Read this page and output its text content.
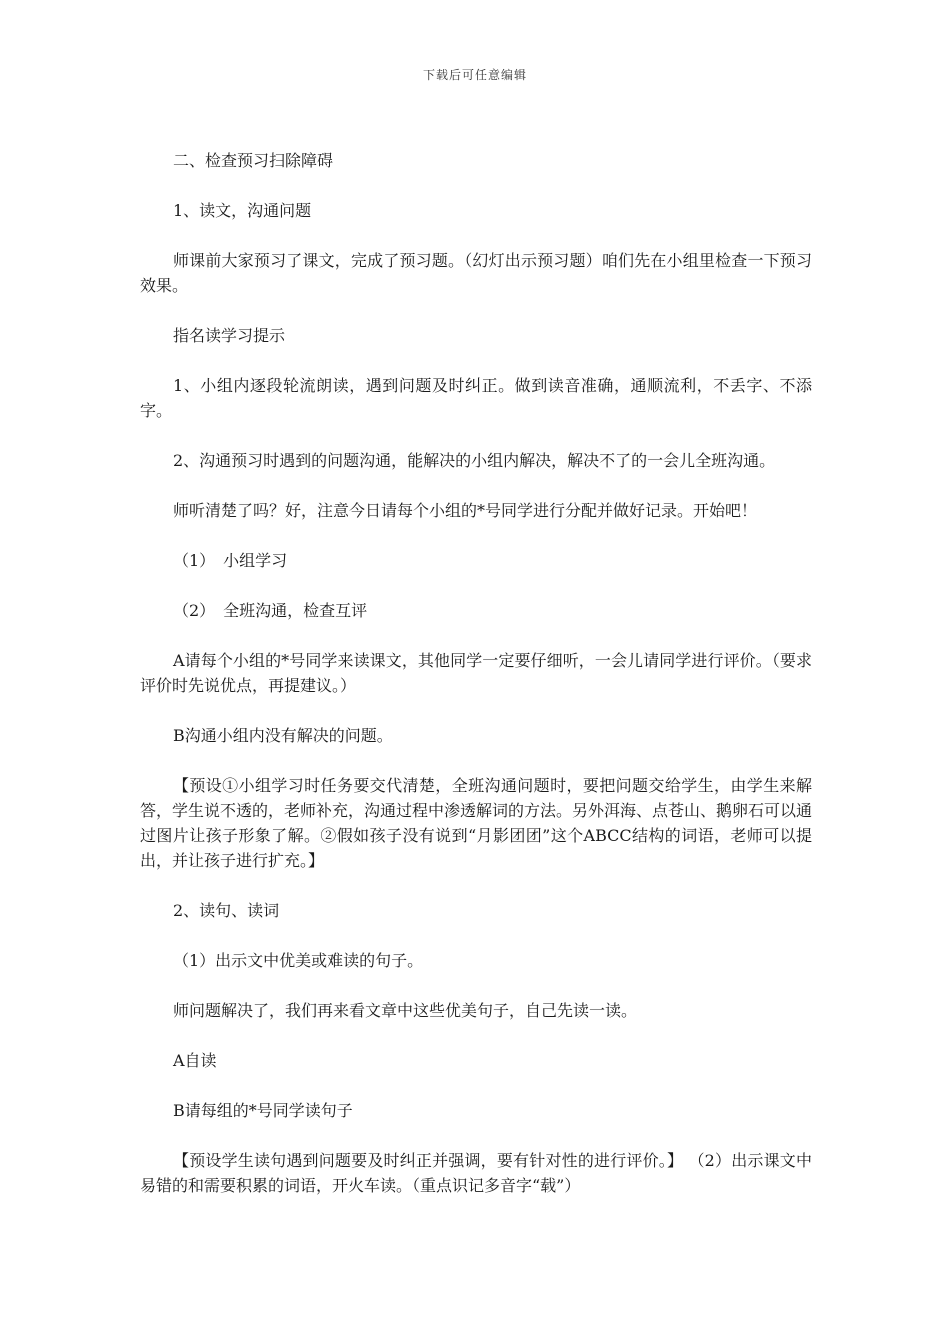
下载后可任意编辑

二、检查预习扫除障碍

1、读文，沟通问题

师课前大家预习了课文，完成了预习题。（幻灯出示预习题）咱们先在小组里检查一下预习效果。

指名读学习提示

1、小组内逐段轮流朗读，遇到问题及时纠正。做到读音准确，通顺流利，不丢字、不添字。

2、沟通预习时遇到的问题沟通，能解决的小组内解决，解决不了的一会儿全班沟通。

师听清楚了吗？好，注意今日请每个小组的*号同学进行分配并做好记录。开始吧！

（1）　小组学习

（2）　全班沟通，检查互评

A请每个小组的*号同学来读课文，其他同学一定要仔细听，一会儿请同学进行评价。（要求评价时先说优点，再提建议。）

B沟通小组内没有解决的问题。

【预设①小组学习时任务要交代清楚，全班沟通问题时，要把问题交给学生，由学生来解答，学生说不透的，老师补充，沟通过程中渗透解词的方法。另外洱海、点苍山、鹅卵石可以通过图片让孩子形象了解。②假如孩子没有说到“月影团团”这个ABCC结构的词语，老师可以提出，并让孩子进行扩充。】

2、读句、读词

（1）出示文中优美或难读的句子。

师问题解决了，我们再来看文章中这些优美句子，自己先读一读。

A自读

B请每组的*号同学读句子

【预设学生读句遇到问题要及时纠正并强调，要有针对性的进行评价。】 （2）出示课文中易错的和需要积累的词语，开火车读。（重点识记多音字“载”）
